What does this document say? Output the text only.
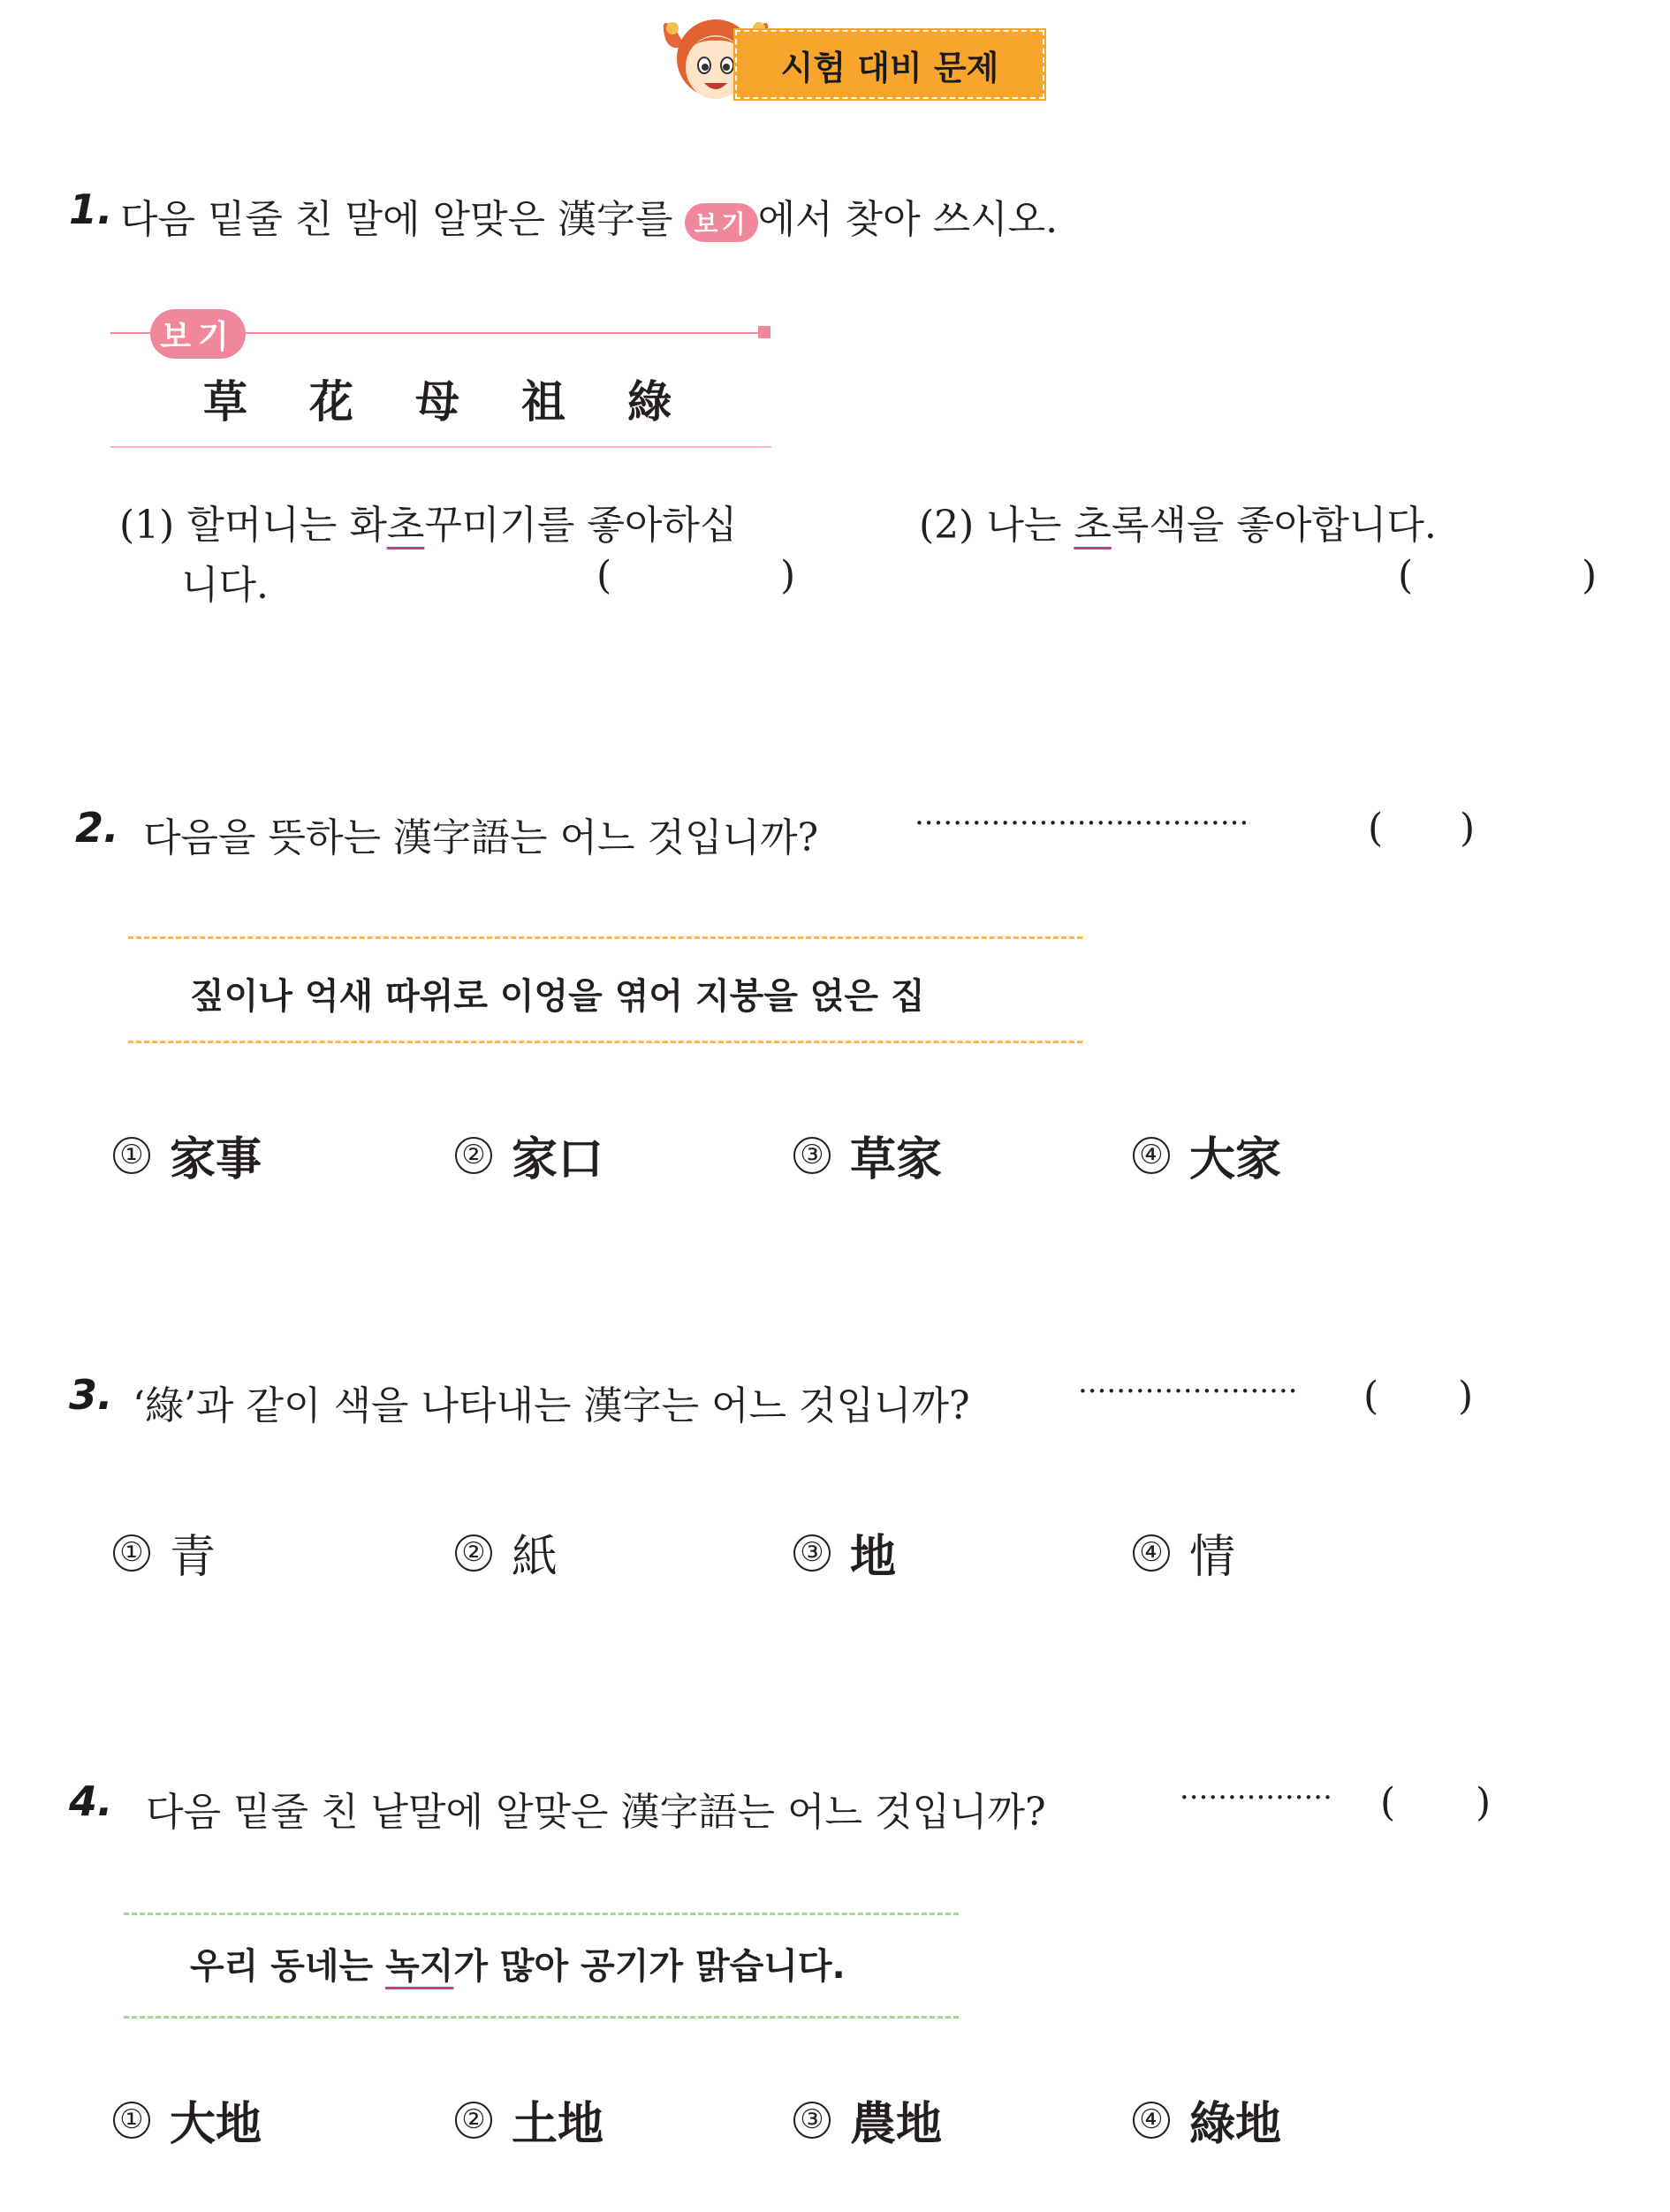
시험 대비 문제
1. 다음 밑줄 친 말에 알맞은 漢字를 보기 에서 찾아 쓰시오.
보기
草 花 母 祖 綠
(1) 할머니는 화초꾸미기를 좋아하십
니다.	(	)
(2) 나는 초록색을 좋아합니다.
(	)
2. 다음을 뜻하는 漢字語는 어느 것입니까?	···································	( )
짚이나 억새 따위로 이엉을 엮어 지붕을 얹은 집
① 家事	② 家口	③ 草家	④ 大家
3. ‘綠’과 같이 색을 나타내는 漢字는 어느 것입니까?	······················· ( )
① 青	② 紙	③ 地	④ 情
4. 다음 밑줄 친 낱말에 알맞은 漢字語는 어느 것입니까?	················ ( )
우리 동네는 녹지가 많아 공기가 맑습니다.
① 大地	② 土地	③ 農地	④ 綠地
